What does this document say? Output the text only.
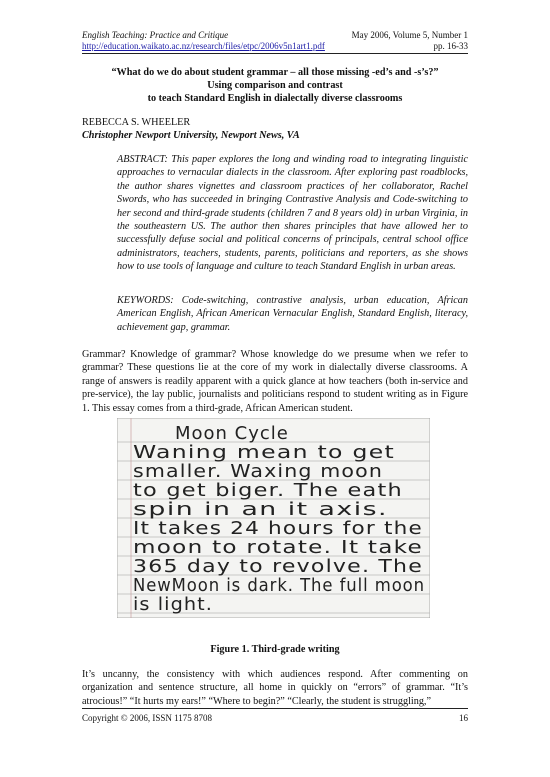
English Teaching: Practice and Critique	May 2006, Volume 5, Number 1
http://education.waikato.ac.nz/research/files/etpc/2006v5n1art1.pdf	pp. 16-33
“What do we do about student grammar – all those missing -ed’s and -s’s?”
Using comparison and contrast
to teach Standard English in dialectally diverse classrooms
REBECCA S. WHEELER
Christopher Newport University, Newport News, VA
ABSTRACT: This paper explores the long and winding road to integrating linguistic approaches to vernacular dialects in the classroom. After exploring past roadblocks, the author shares vignettes and classroom practices of her collaborator, Rachel Swords, who has succeeded in bringing Contrastive Analysis and Code-switching to her second and third-grade students (children 7 and 8 years old) in urban Virginia, in the southeastern US. The author then shares principles that have allowed her to successfully defuse social and political concerns of principals, central school office administrators, teachers, students, parents, politicians and reporters, as she shows how to use tools of language and culture to teach Standard English in urban areas.
KEYWORDS: Code-switching, contrastive analysis, urban education, African American English, African American Vernacular English, Standard English, literacy, achievement gap, grammar.
Grammar? Knowledge of grammar? Whose knowledge do we presume when we refer to grammar? These questions lie at the core of my work in dialectally diverse classrooms. A range of answers is readily apparent with a quick glance at how teachers (both in-service and pre-service), the lay public, journalists and politicians respond to student writing as in Figure 1. This essay comes from a third-grade, African American student.
Moon Cycle
Waning mean to get
smaller. Waxing moon
to get biger. The eath
spin in an it axis.
It takes 24 hours for the
moon to rotate. It take
365 day to revolve. The
NewMoon is dark. The full moon
is light.
Figure 1. Third-grade writing
It’s uncanny, the consistency with which audiences respond. After commenting on organization and sentence structure, all home in quickly on “errors” of grammar. “It’s atrocious!” “It hurts my ears!” “Where to begin?” “Clearly, the student is struggling,”
Copyright © 2006, ISSN 1175 8708	16
